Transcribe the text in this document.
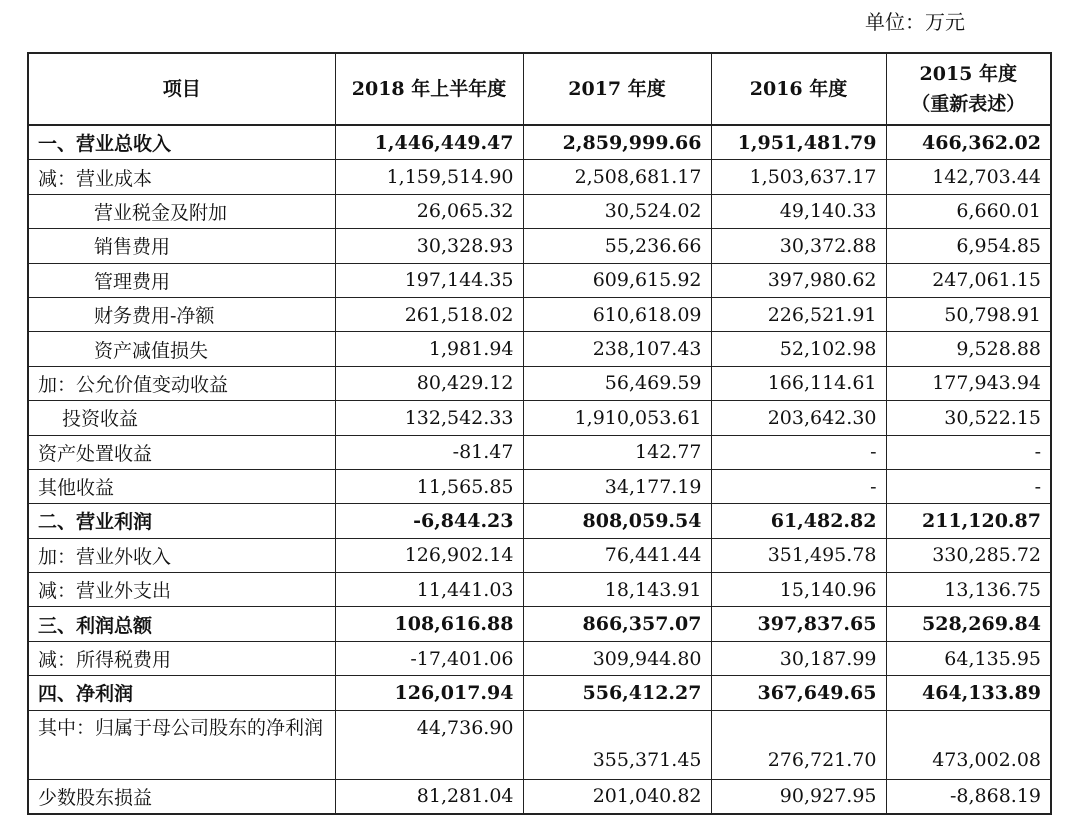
单位：万元
项目	2018 年上半年度	2017 年度	2016 年度	2015 年度
（重新表述）

一、营业总收入	1,446,449.47	2,859,999.66	1,951,481.79	466,362.02
减：营业成本	1,159,514.90	2,508,681.17	1,503,637.17	142,703.44
营业税金及附加	26,065.32	30,524.02	49,140.33	6,660.01
销售费用	30,328.93	55,236.66	30,372.88	6,954.85
管理费用	197,144.35	609,615.92	397,980.62	247,061.15
财务费用-净额	261,518.02	610,618.09	226,521.91	50,798.91
资产减值损失	1,981.94	238,107.43	52,102.98	9,528.88
加：公允价值变动收益	80,429.12	56,469.59	166,114.61	177,943.94
投资收益	132,542.33	1,910,053.61	203,642.30	30,522.15
资产处置收益	-81.47	142.77	-	-
其他收益	11,565.85	34,177.19	-	-
二、营业利润	-6,844.23	808,059.54	61,482.82	211,120.87
加：营业外收入	126,902.14	76,441.44	351,495.78	330,285.72
减：营业外支出	11,441.03	18,143.91	15,140.96	13,136.75
三、利润总额	108,616.88	866,357.07	397,837.65	528,269.84
减：所得税费用	-17,401.06	309,944.80	30,187.99	64,135.95
四、净利润	126,017.94	556,412.27	367,649.65	464,133.89
其中：归属于母公司股东的净利润	44,736.90	355,371.45	276,721.70	473,002.08
少数股东损益	81,281.04	201,040.82	90,927.95	-8,868.19
